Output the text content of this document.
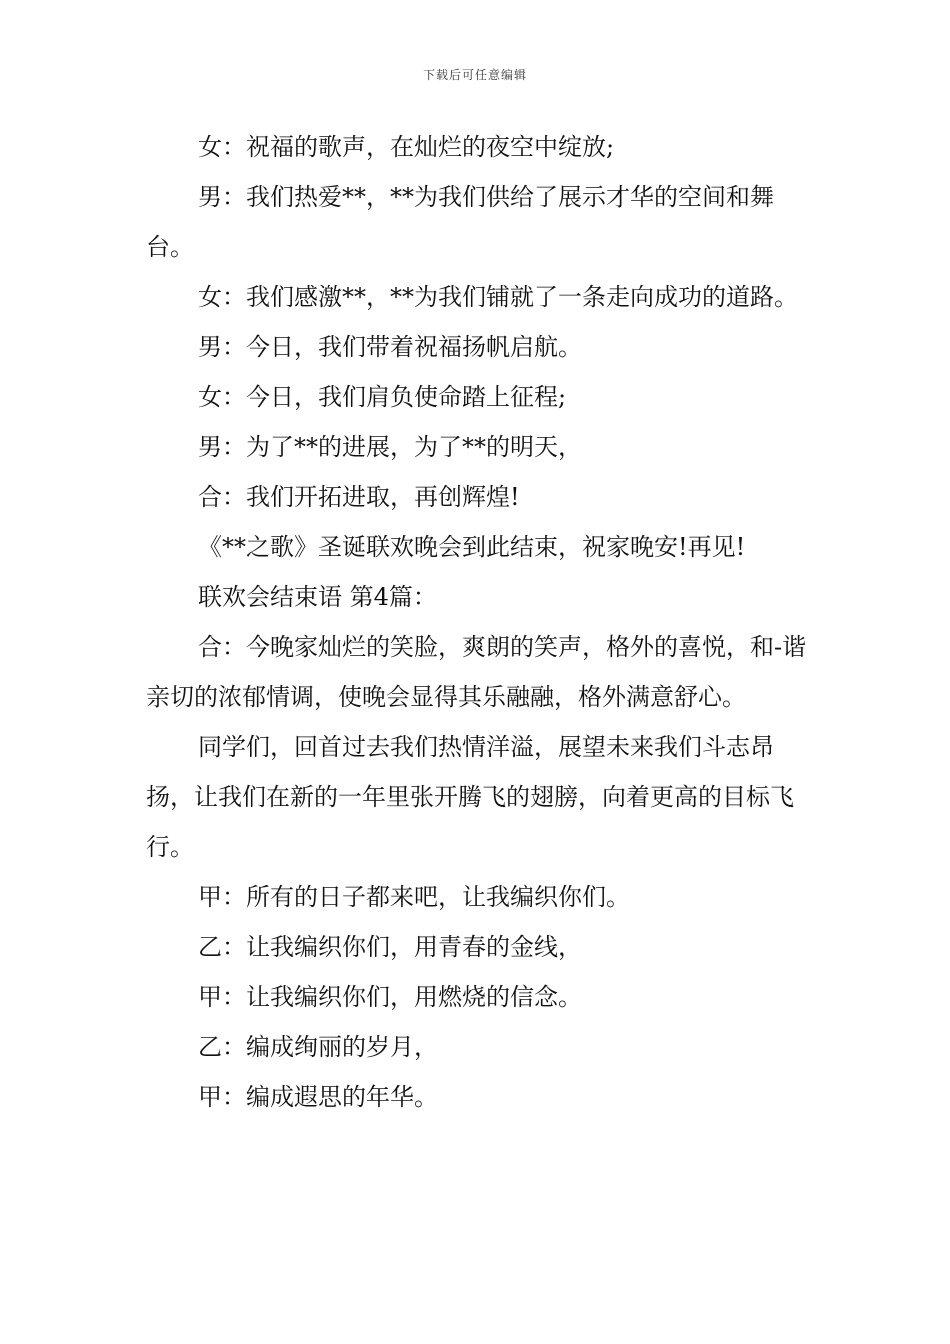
下载后可任意编辑

女：祝福的歌声，在灿烂的夜空中绽放;

男：我们热爱**，**为我们供给了展示才华的空间和舞台。

女：我们感激**，**为我们铺就了一条走向成功的道路。

男：今日，我们带着祝福扬帆启航。

女：今日，我们肩负使命踏上征程;

男：为了**的进展，为了**的明天，

合：我们开拓进取，再创辉煌!

《**之歌》圣诞联欢晚会到此结束，祝家晚安!再见!

联欢会结束语 第4篇：

合：今晚家灿烂的笑脸，爽朗的笑声，格外的喜悦，和-谐亲切的浓郁情调，使晚会显得其乐融融，格外满意舒心。

同学们，回首过去我们热情洋溢，展望未来我们斗志昂扬，让我们在新的一年里张开腾飞的翅膀，向着更高的目标飞行。

甲：所有的日子都来吧，让我编织你们。

乙：让我编织你们，用青春的金线，

甲：让我编织你们，用燃烧的信念。

乙：编成绚丽的岁月，

甲：编成遐思的年华。
